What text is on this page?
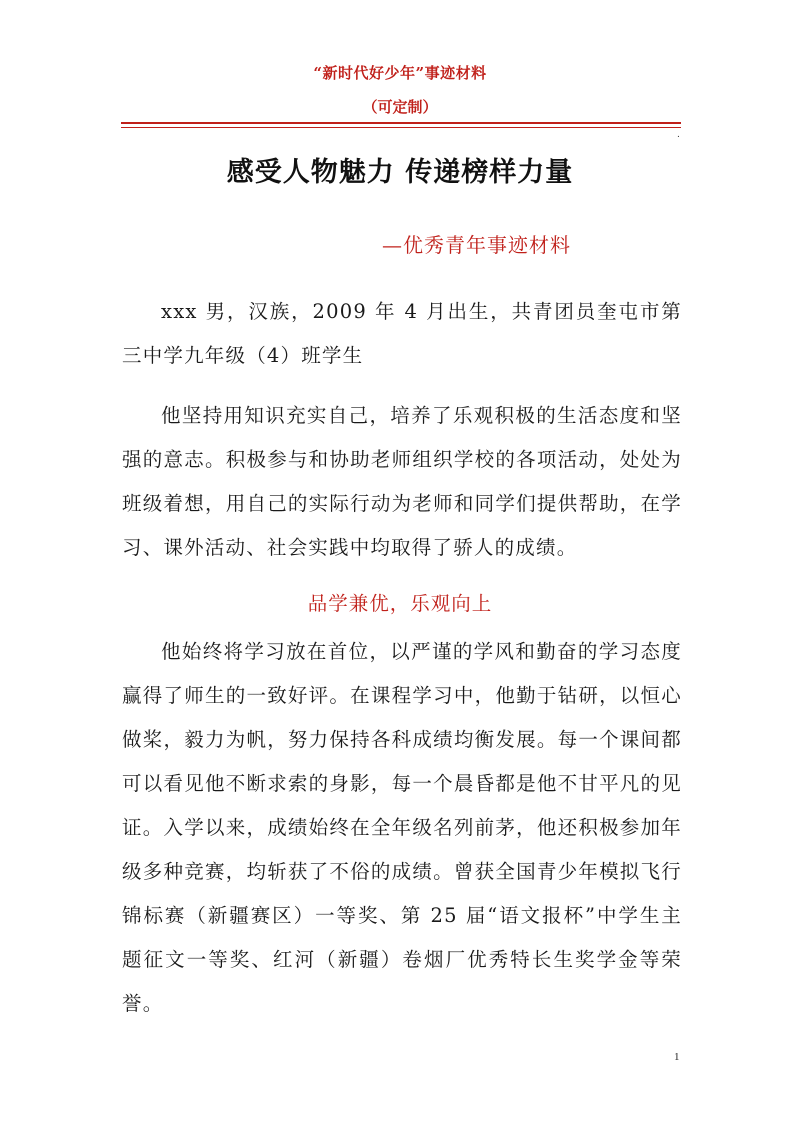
“新时代好少年”事迹材料
（可定制）
.
感受人物魅力 传递榜样力量
—优秀青年事迹材料

xxx 男，汉族，2009 年 4 月出生，共青团员奎屯市第三中学九年级（4）班学生

他坚持用知识充实自己，培养了乐观积极的生活态度和坚强的意志。积极参与和协助老师组织学校的各项活动，处处为班级着想，用自己的实际行动为老师和同学们提供帮助，在学习、课外活动、社会实践中均取得了骄人的成绩。

品学兼优，乐观向上

他始终将学习放在首位，以严谨的学风和勤奋的学习态度赢得了师生的一致好评。在课程学习中，他勤于钻研，以恒心做桨，毅力为帆，努力保持各科成绩均衡发展。每一个课间都可以看见他不断求索的身影，每一个晨昏都是他不甘平凡的见证。入学以来，成绩始终在全年级名列前茅，他还积极参加年级多种竞赛，均斩获了不俗的成绩。曾获全国青少年模拟飞行锦标赛（新疆赛区）一等奖、第 25 届“语文报杯”中学生主题征文一等奖、红河（新疆）卷烟厂优秀特长生奖学金等荣誉。

1
